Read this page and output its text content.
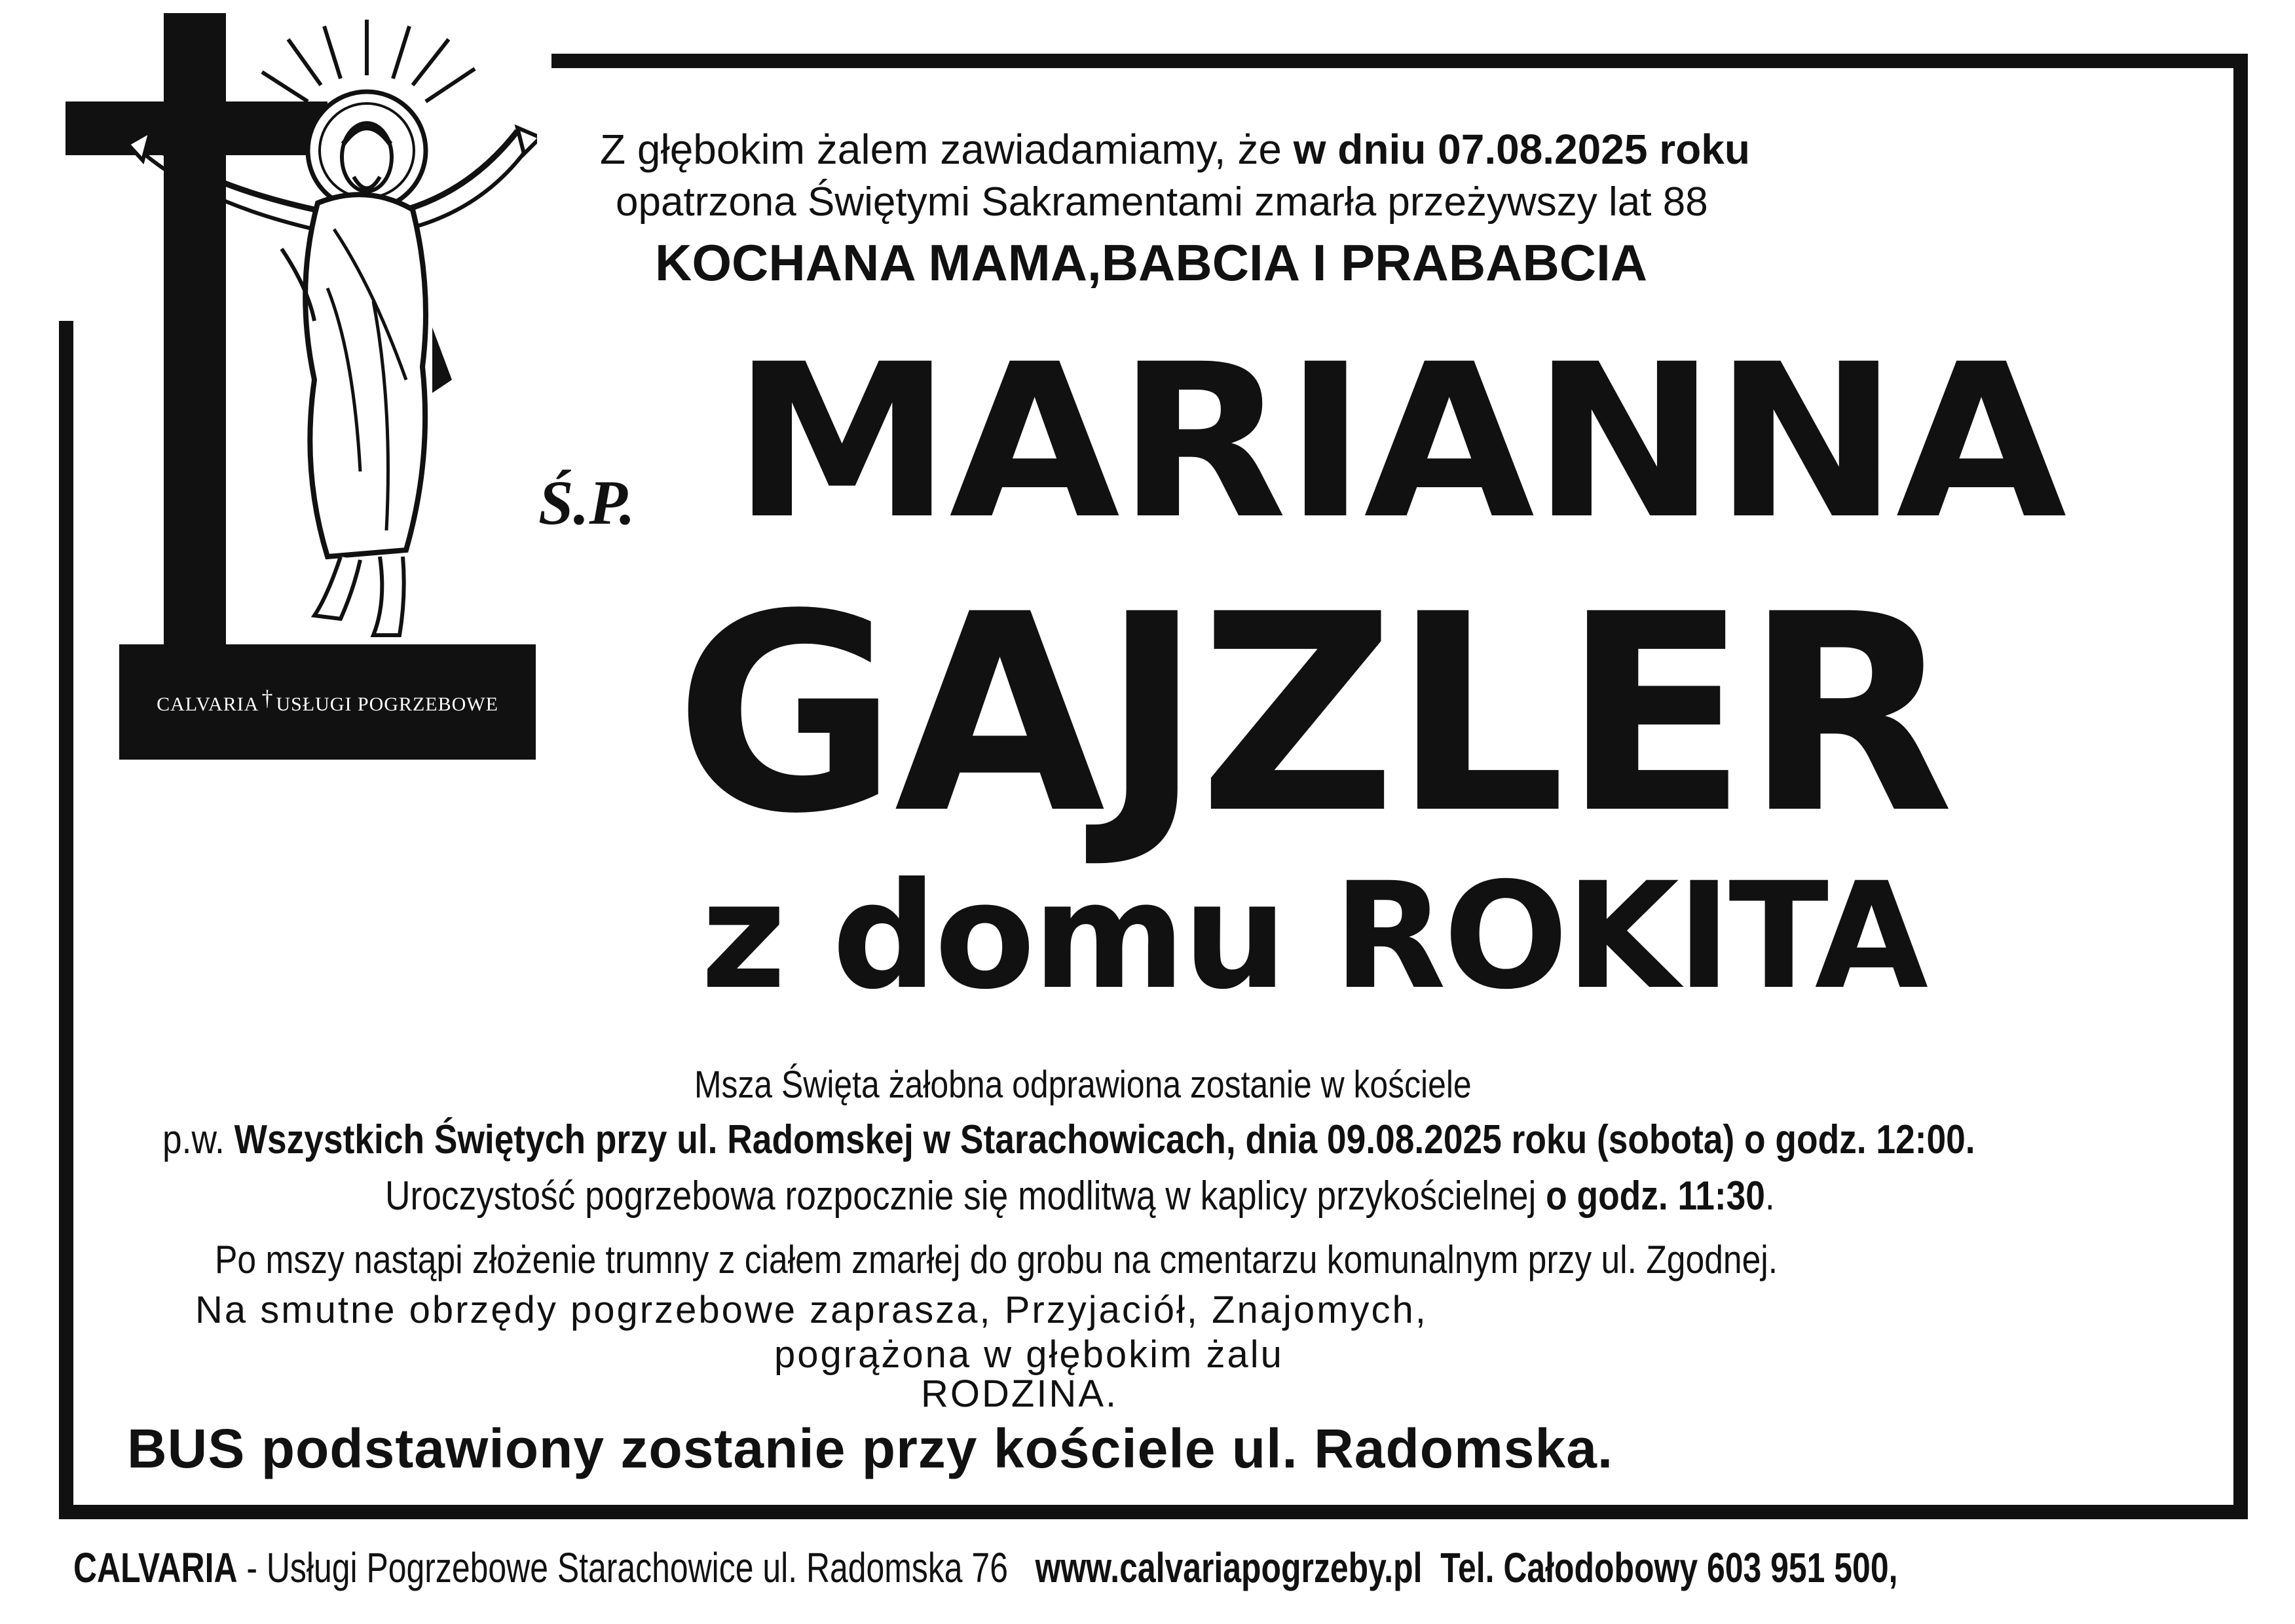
CALVARIA † USŁUGI POGRZEBOWE
Z głębokim żalem zawiadamiamy, że w dniu 07.08.2025 roku
opatrzona Świętymi Sakramentami zmarła przeżywszy lat 88
KOCHANA MAMA,BABCIA I PRABABCIA
Ś.P. MARIANNA
GAJZLER
z domu ROKITA
Msza Święta żałobna odprawiona zostanie w kościele
p.w. Wszystkich Świętych przy ul. Radomskej w Starachowicach, dnia 09.08.2025 roku (sobota) o godz. 12:00.
Uroczystość pogrzebowa rozpocznie się modlitwą w kaplicy przykościelnej o godz. 11:30.
Po mszy nastąpi złożenie trumny z ciałem zmarłej do grobu na cmentarzu komunalnym przy ul. Zgodnej.
Na smutne obrzędy pogrzebowe zaprasza, Przyjaciół, Znajomych,
pogrążona w głębokim żalu
RODZINA.
BUS podstawiony zostanie przy kościele ul. Radomska.
CALVARIA - Usługi Pogrzebowe Starachowice ul. Radomska 76   www.calvariapogrzeby.pl  Tel. Całodobowy 603 951 500,
